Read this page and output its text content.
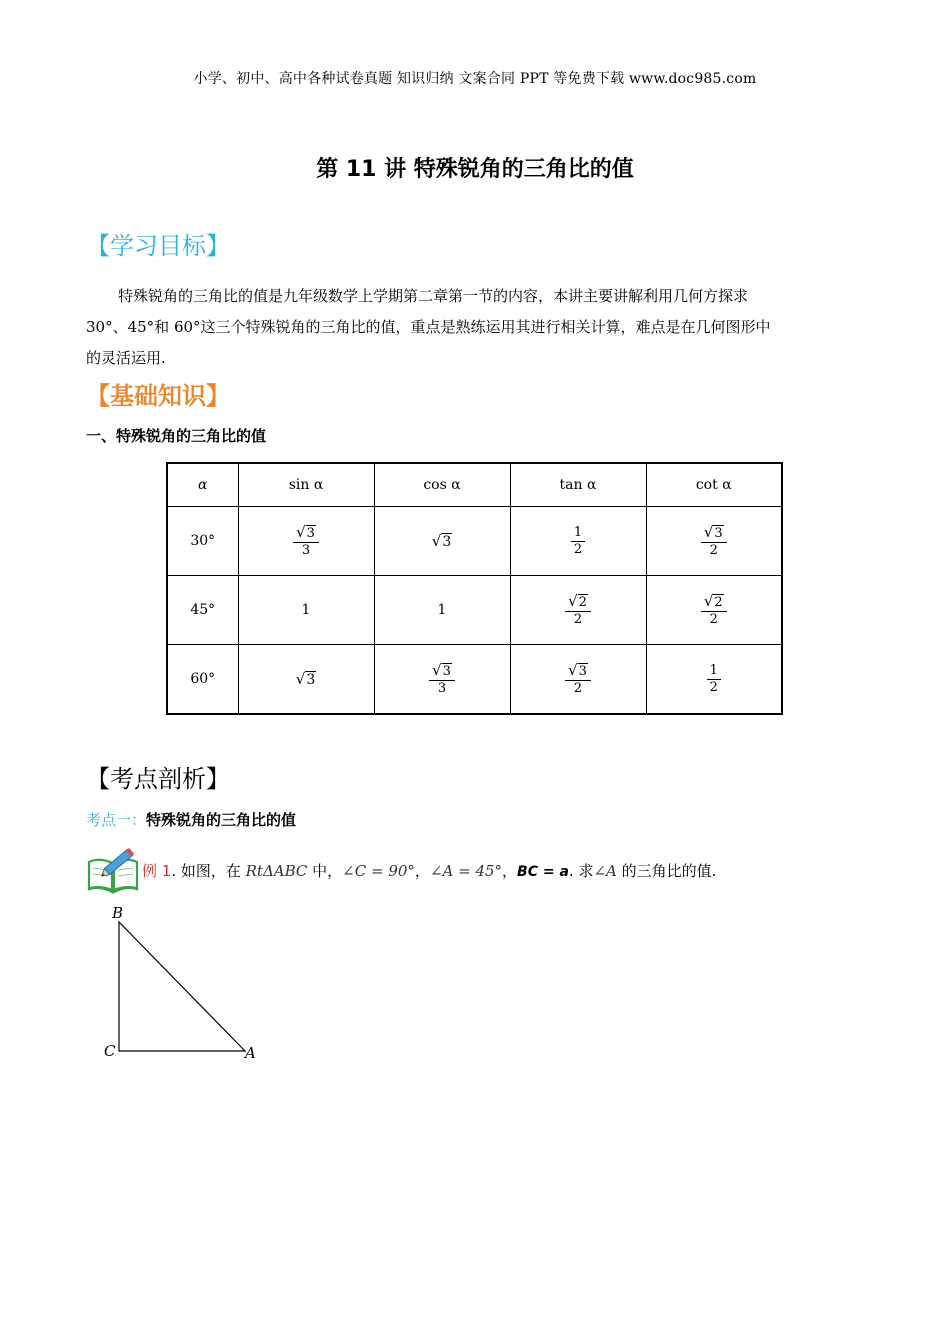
小学、初中、高中各种试卷真题 知识归纳 文案合同 PPT 等免费下载 www.doc985.com
第 11 讲 特殊锐角的三角比的值
【学习目标】
特殊锐角的三角比的值是九年级数学上学期第二章第一节的内容，本讲主要讲解利用几何方探求
30°、45°和 60°这三个特殊锐角的三角比的值，重点是熟练运用其进行相关计算，难点是在几何图形中
的灵活运用.
【基础知识】
一、特殊锐角的三角比的值
α	sin α	cos α	tan α	cot α
30°	$\frac{√3}{3}$	√3	$\frac{1}{2}$	$\frac{√3}{2}$

45°	1	1	$\frac{√2}{2}$	$\frac{√2}{2}$

60°	√3	$\frac{√3}{3}$	$\frac{√3}{2}$	$\frac{1}{2}$
【考点剖析】
考点一：特殊锐角的三角比的值
例 1. 如图，在 RtΔABC 中，∠C = 90°，∠A = 45°，BC = a. 求∠A 的三角比的值.
B
C	A
